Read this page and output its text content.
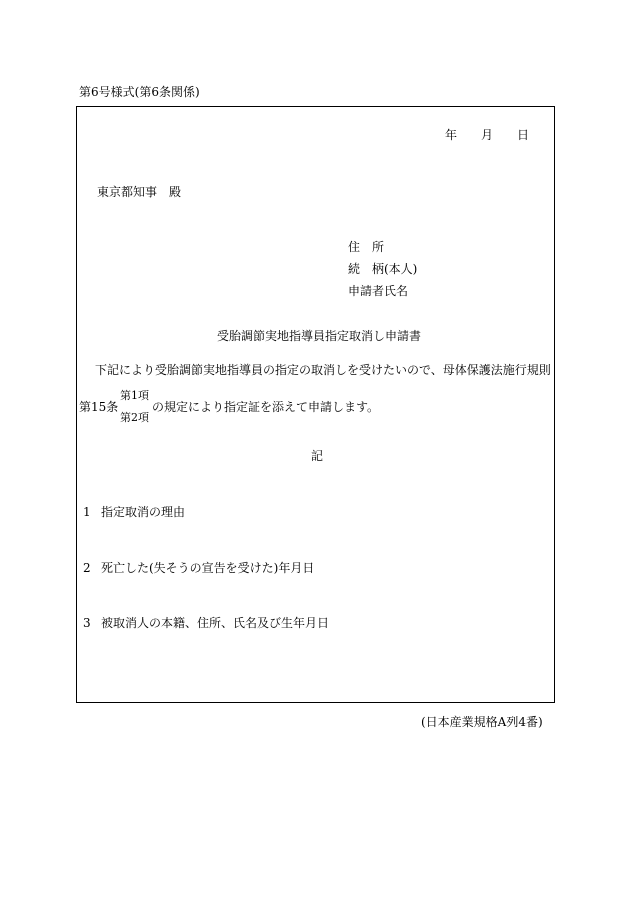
第6号様式(第6条関係)
年 月 日
東京都知事　殿
住　所
続　柄(本人)
申請者氏名
受胎調節実地指導員指定取消し申請書
下記により受胎調節実地指導員の指定の取消しを受けたいので、母体保護法施行規則
第15条
第1項
第2項
の規定により指定証を添えて申請します。
記
1 指定取消の理由
2 死亡した(失そうの宣告を受けた)年月日
3 被取消人の本籍、住所、氏名及び生年月日
(日本産業規格A列4番)
